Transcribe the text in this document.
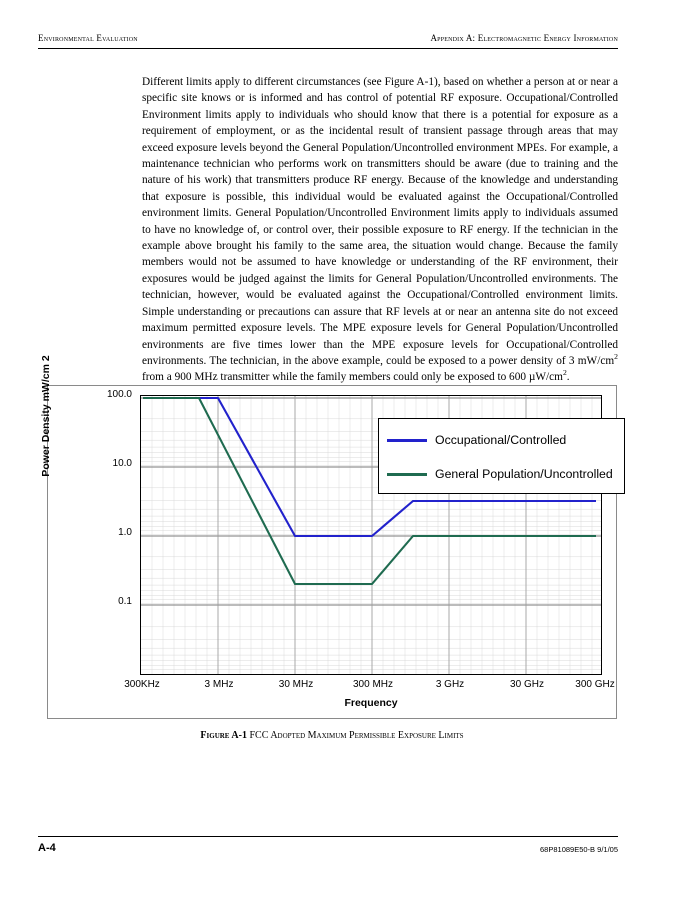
Environmental Evaluation	Appendix A: Electromagnetic Energy Information
Different limits apply to different circumstances (see Figure A-1), based on whether a person at or near a specific site knows or is informed and has control of potential RF exposure. Occupational/Controlled Environment limits apply to individuals who should know that there is a potential for exposure as a requirement of employment, or as the incidental result of transient passage through areas that may exceed exposure levels beyond the General Population/Uncontrolled environment MPEs. For example, a maintenance technician who performs work on transmitters should be aware (due to training and the nature of his work) that transmitters produce RF energy. Because of the knowledge and understanding that exposure is possible, this individual would be evaluated against the Occupational/Controlled environment limits. General Population/Uncontrolled Environment limits apply to individuals assumed to have no knowledge of, or control over, their possible exposure to RF energy. If the technician in the example above brought his family to the same area, the situation would change. Because the family members would not be assumed to have knowledge or understanding of the RF environment, their exposures would be judged against the limits for General Population/Uncontrolled environments. The technician, however, would be evaluated against the Occupational/Controlled environment limits. Simple understanding or precautions can assure that RF levels at or near an antenna site do not exceed maximum permitted exposure levels. The MPE exposure levels for General Population/Uncontrolled environments are five times lower than the MPE exposure levels for Occupational/Controlled environments. The technician, in the above example, could be exposed to a power density of 3 $mW/cm^2$ from a 900 MHz transmitter while the family members could only be exposed to 600 $\mu W/cm^2$.
Power Density mW/cm 2	100.0
10.0
1.0
0.1
Occupational/Controlled
General Population/Uncontrolled
300KHz	3 MHz	30 MHz	300 MHz	3 GHz	30 GHz	300 GHz
Frequency
Figure A-1 FCC Adopted Maximum Permissible Exposure Limits
A-4	68P81089E50-B 9/1/05
